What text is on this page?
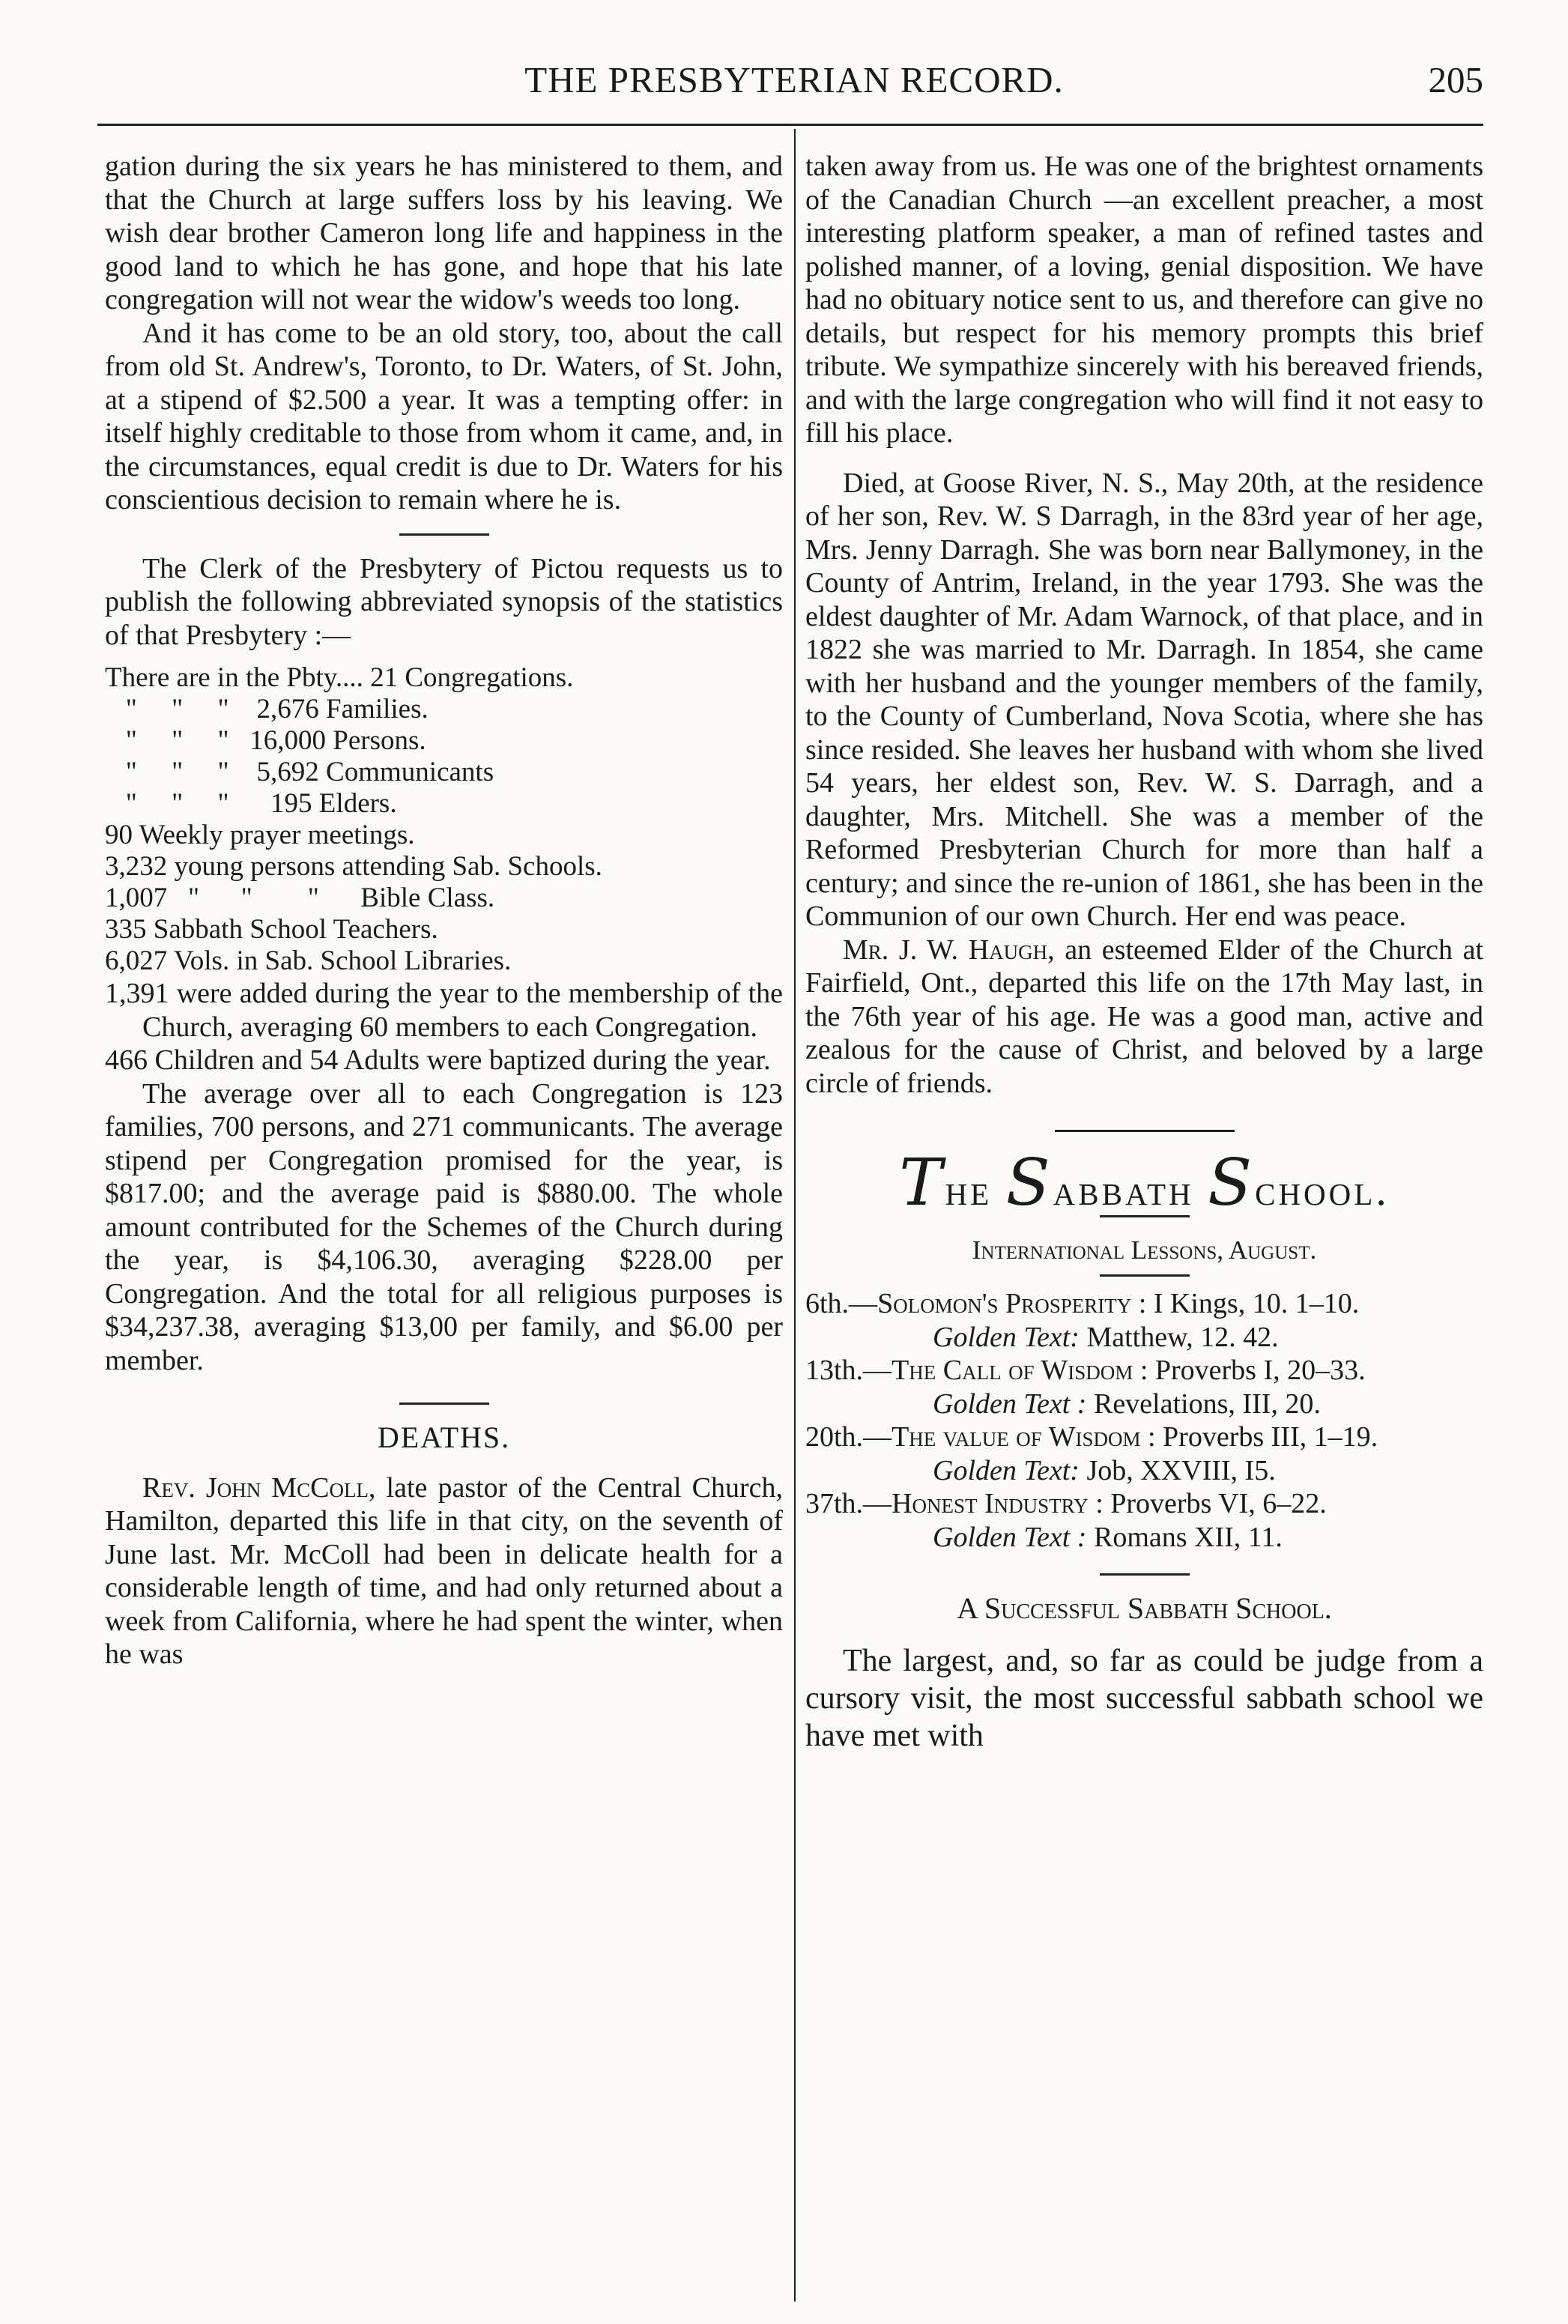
THE PRESBYTERIAN RECORD.	205

gation during the six years he has ministered to them, and that the Church at large suffers loss by his leaving. We wish dear brother Cameron long life and happiness in the good land to which he has gone, and hope that his late congregation will not wear the widow's weeds too long.

And it has come to be an old story, too, about the call from old St. Andrew's, Toronto, to Dr. Waters, of St. John, at a stipend of $2.500 a year. It was a tempting offer: in itself highly creditable to those from whom it came, and, in the circumstances, equal credit is due to Dr. Waters for his conscientious decision to remain where he is.

The Clerk of the Presbytery of Pictou requests us to publish the following abbreviated synopsis of the statistics of that Presbytery :—

There are in the Pbty.... 21 Congregations.

"     "     "    2,676 Families.

"     "     "   16,000 Persons.

"     "     "    5,692 Communicants

"     "     "      195 Elders.

90 Weekly prayer meetings.

3,232 young persons attending Sab. Schools.

1,007   "      "        "      Bible Class.

335 Sabbath School Teachers.

6,027 Vols. in Sab. School Libraries.

1,391 were added during the year to the membership of the Church, averaging 60 members to each Congregation.

466 Children and 54 Adults were baptized during the year.

The average over all to each Congregation is 123 families, 700 persons, and 271 communicants. The average stipend per Congregation promised for the year, is $817.00; and the average paid is $880.00. The whole amount contributed for the Schemes of the Church during the year, is $4,106.30, averaging $228.00 per Congregation. And the total for all religious purposes is $34,237.38, averaging $13,00 per family, and $6.00 per member.

DEATHS.

Rev. John McColl, late pastor of the Central Church, Hamilton, departed this life in that city, on the seventh of June last. Mr. McColl had been in delicate health for a considerable length of time, and had only returned about a week from California, where he had spent the winter, when he was

taken away from us. He was one of the brightest ornaments of the Canadian Church —an excellent preacher, a most interesting platform speaker, a man of refined tastes and polished manner, of a loving, genial disposition. We have had no obituary notice sent to us, and therefore can give no details, but respect for his memory prompts this brief tribute. We sympathize sincerely with his bereaved friends, and with the large congregation who will find it not easy to fill his place.

Died, at Goose River, N. S., May 20th, at the residence of her son, Rev. W. S Darragh, in the 83rd year of her age, Mrs. Jenny Darragh. She was born near Ballymoney, in the County of Antrim, Ireland, in the year 1793. She was the eldest daughter of Mr. Adam Warnock, of that place, and in 1822 she was married to Mr. Darragh. In 1854, she came with her husband and the younger members of the family, to the County of Cumberland, Nova Scotia, where she has since resided. She leaves her husband with whom she lived 54 years, her eldest son, Rev. W. S. Darragh, and a daughter, Mrs. Mitchell. She was a member of the Reformed Presbyterian Church for more than half a century; and since the re-union of 1861, she has been in the Communion of our own Church. Her end was peace.

Mr. J. W. Haugh, an esteemed Elder of the Church at Fairfield, Ont., departed this life on the 17th May last, in the 76th year of his age. He was a good man, active and zealous for the cause of Christ, and beloved by a large circle of friends.

The Sabbath School.
International Lessons, August.

6th.—Solomon's Prosperity : I Kings, 10. 1–10.

Golden Text: Matthew, 12. 42.

13th.—The Call of Wisdom : Proverbs I, 20–33.

Golden Text : Revelations, III, 20.

20th.—The value of Wisdom : Proverbs III, 1–19.

Golden Text: Job, XXVIII, I5.

37th.—Honest Industry : Proverbs VI, 6–22.

Golden Text : Romans XII, 11.

A Successful Sabbath School.

The largest, and, so far as could be judge from a cursory visit, the most successful sabbath school we have met with
